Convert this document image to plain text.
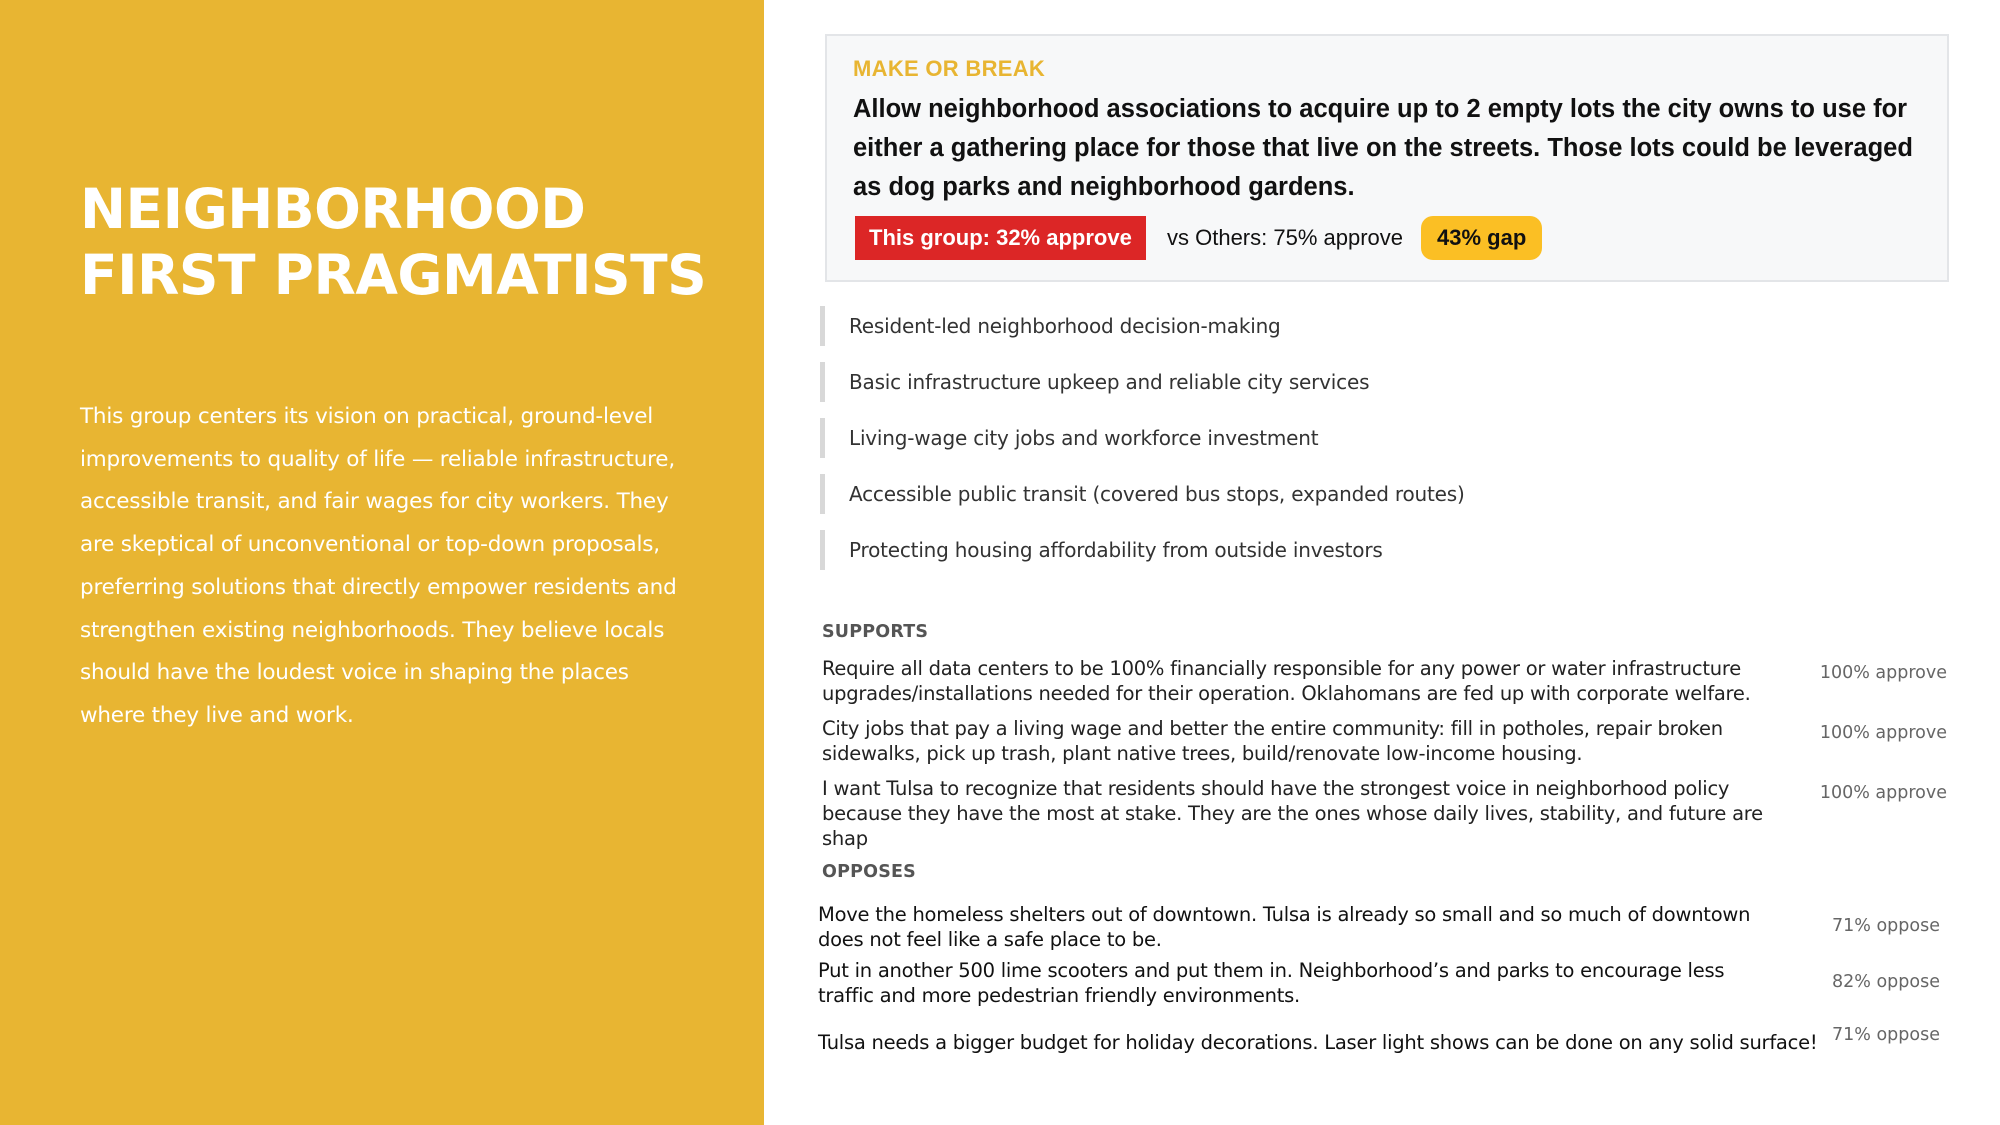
NEIGHBORHOOD
FIRST PRAGMATISTS

This group centers its vision on practical, ground-level improvements to quality of life — reliable infrastructure, accessible transit, and fair wages for city workers. They are skeptical of unconventional or top-down proposals, preferring solutions that directly empower residents and strengthen existing neighborhoods. They believe locals should have the loudest voice in shaping the places where they live and work.

MAKE OR BREAK
Allow neighborhood associations to acquire up to 2 empty lots the city owns to use for either a gathering place for those that live on the streets. Those lots could be leveraged as dog parks and neighborhood gardens.
This group: 32% approve	vs Others: 75% approve	43% gap
Resident-led neighborhood decision-making
Basic infrastructure upkeep and reliable city services
Living-wage city jobs and workforce investment
Accessible public transit (covered bus stops, expanded routes)
Protecting housing affordability from outside investors
SUPPORTS
Require all data centers to be 100% financially responsible for any power or water infrastructure upgrades/installations needed for their operation. Oklahomans are fed up with corporate welfare.
100% approve
City jobs that pay a living wage and better the entire community: fill in potholes, repair broken sidewalks, pick up trash, plant native trees, build/renovate low-income housing.
100% approve
I want Tulsa to recognize that residents should have the strongest voice in neighborhood policy because they have the most at stake. They are the ones whose daily lives, stability, and future are shap
100% approve
OPPOSES
Move the homeless shelters out of downtown. Tulsa is already so small and so much of downtown does not feel like a safe place to be.
71% oppose
Put in another 500 lime scooters and put them in. Neighborhood’s and parks to encourage less traffic and more pedestrian friendly environments.
82% oppose
Tulsa needs a bigger budget for holiday decorations. Laser light shows can be done on any solid surface! 71% oppose
